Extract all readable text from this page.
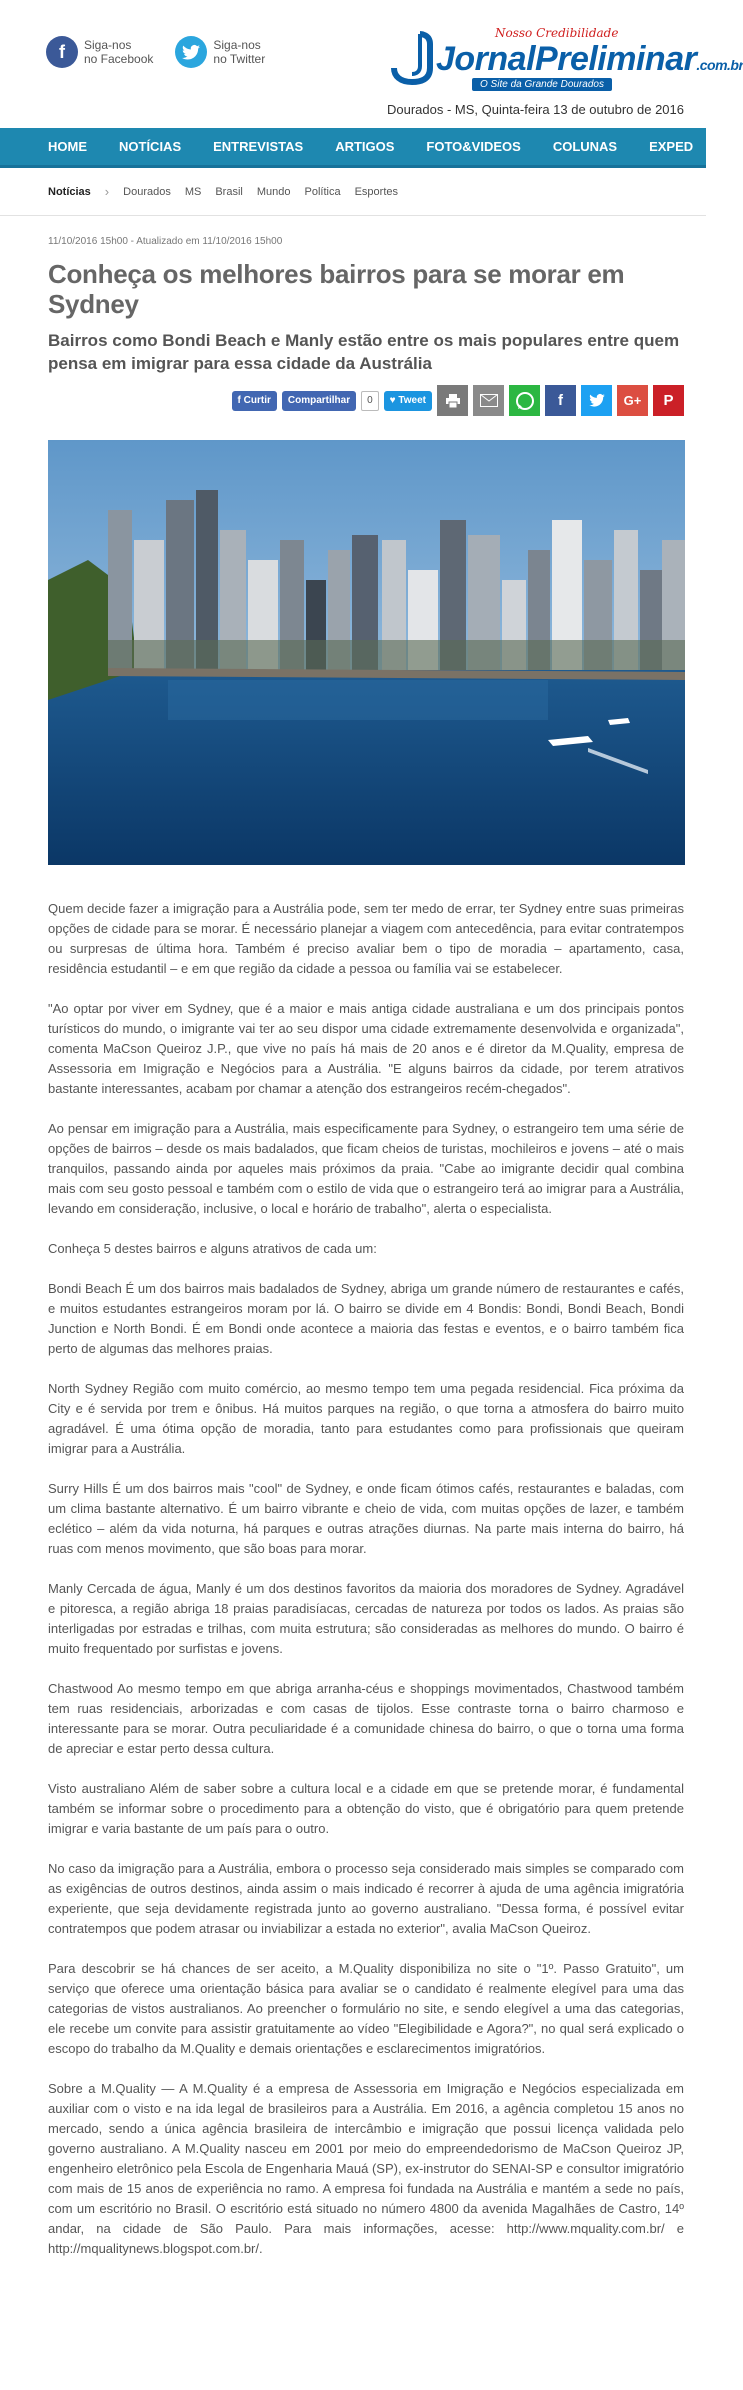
f	Siga-nos
no Facebook
Siga-nos
no Twitter
Nosso Credibilidade
JornalPreliminar.com.br
O Site da Grande Dourados
Dourados - MS, Quinta-feira 13 de outubro de 2016
HOME	NOTÍCIAS	ENTREVISTAS	ARTIGOS	FOTO&VIDEOS	COLUNAS	EXPED
Notícias › Dourados MS Brasil Mundo Política Esportes
11/10/2016 15h00 - Atualizado em 11/10/2016 15h00
Conheça os melhores bairros para se morar em Sydney
Bairros como Bondi Beach e Manly estão entre os mais populares entre quem pensa em imigrar para essa cidade da Austrália
f Curtir	Compartilhar	0	♥ Tweet	f	G+	P

Quem decide fazer a imigração para a Austrália pode, sem ter medo de errar, ter Sydney entre suas primeiras opções de cidade para se morar. É necessário planejar a viagem com antecedência, para evitar contratempos ou surpresas de última hora. Também é preciso avaliar bem o tipo de moradia – apartamento, casa, residência estudantil – e em que região da cidade a pessoa ou família vai se estabelecer.

"Ao optar por viver em Sydney, que é a maior e mais antiga cidade australiana e um dos principais pontos turísticos do mundo, o imigrante vai ter ao seu dispor uma cidade extremamente desenvolvida e organizada", comenta MaCson Queiroz J.P., que vive no país há mais de 20 anos e é diretor da M.Quality, empresa de Assessoria em Imigração e Negócios para a Austrália. "E alguns bairros da cidade, por terem atrativos bastante interessantes, acabam por chamar a atenção dos estrangeiros recém-chegados".

Ao pensar em imigração para a Austrália, mais especificamente para Sydney, o estrangeiro tem uma série de opções de bairros – desde os mais badalados, que ficam cheios de turistas, mochileiros e jovens – até o mais tranquilos, passando ainda por aqueles mais próximos da praia. "Cabe ao imigrante decidir qual combina mais com seu gosto pessoal e também com o estilo de vida que o estrangeiro terá ao imigrar para a Austrália, levando em consideração, inclusive, o local e horário de trabalho", alerta o especialista.

Conheça 5 destes bairros e alguns atrativos de cada um:

Bondi Beach É um dos bairros mais badalados de Sydney, abriga um grande número de restaurantes e cafés, e muitos estudantes estrangeiros moram por lá. O bairro se divide em 4 Bondis: Bondi, Bondi Beach, Bondi Junction e North Bondi. É em Bondi onde acontece a maioria das festas e eventos, e o bairro também fica perto de algumas das melhores praias.

North Sydney Região com muito comércio, ao mesmo tempo tem uma pegada residencial. Fica próxima da City e é servida por trem e ônibus. Há muitos parques na região, o que torna a atmosfera do bairro muito agradável. É uma ótima opção de moradia, tanto para estudantes como para profissionais que queiram imigrar para a Austrália.

Surry Hills É um dos bairros mais "cool" de Sydney, e onde ficam ótimos cafés, restaurantes e baladas, com um clima bastante alternativo. É um bairro vibrante e cheio de vida, com muitas opções de lazer, e também eclético – além da vida noturna, há parques e outras atrações diurnas. Na parte mais interna do bairro, há ruas com menos movimento, que são boas para morar.

Manly Cercada de água, Manly é um dos destinos favoritos da maioria dos moradores de Sydney. Agradável e pitoresca, a região abriga 18 praias paradisíacas, cercadas de natureza por todos os lados. As praias são interligadas por estradas e trilhas, com muita estrutura; são consideradas as melhores do mundo. O bairro é muito frequentado por surfistas e jovens.

Chastwood Ao mesmo tempo em que abriga arranha-céus e shoppings movimentados, Chastwood também tem ruas residenciais, arborizadas e com casas de tijolos. Esse contraste torna o bairro charmoso e interessante para se morar. Outra peculiaridade é a comunidade chinesa do bairro, o que o torna uma forma de apreciar e estar perto dessa cultura.

Visto australiano Além de saber sobre a cultura local e a cidade em que se pretende morar, é fundamental também se informar sobre o procedimento para a obtenção do visto, que é obrigatório para quem pretende imigrar e varia bastante de um país para o outro.

No caso da imigração para a Austrália, embora o processo seja considerado mais simples se comparado com as exigências de outros destinos, ainda assim o mais indicado é recorrer à ajuda de uma agência imigratória experiente, que seja devidamente registrada junto ao governo australiano. "Dessa forma, é possível evitar contratempos que podem atrasar ou inviabilizar a estada no exterior", avalia MaCson Queiroz.

Para descobrir se há chances de ser aceito, a M.Quality disponibiliza no site o "1º. Passo Gratuito", um serviço que oferece uma orientação básica para avaliar se o candidato é realmente elegível para uma das categorias de vistos australianos. Ao preencher o formulário no site, e sendo elegível a uma das categorias, ele recebe um convite para assistir gratuitamente ao vídeo "Elegibilidade e Agora?", no qual será explicado o escopo do trabalho da M.Quality e demais orientações e esclarecimentos imigratórios.

Sobre a M.Quality — A M.Quality é a empresa de Assessoria em Imigração e Negócios especializada em auxiliar com o visto e na ida legal de brasileiros para a Austrália. Em 2016, a agência completou 15 anos no mercado, sendo a única agência brasileira de intercâmbio e imigração que possui licença validada pelo governo australiano. A M.Quality nasceu em 2001 por meio do empreendedorismo de MaCson Queiroz JP, engenheiro eletrônico pela Escola de Engenharia Mauá (SP), ex-instrutor do SENAI-SP e consultor imigratório com mais de 15 anos de experiência no ramo. A empresa foi fundada na Austrália e mantém a sede no país, com um escritório no Brasil. O escritório está situado no número 4800 da avenida Magalhães de Castro, 14º andar, na cidade de São Paulo. Para mais informações, acesse: http://www.mquality.com.br/ e http://mqualitynews.blogspot.com.br/.
